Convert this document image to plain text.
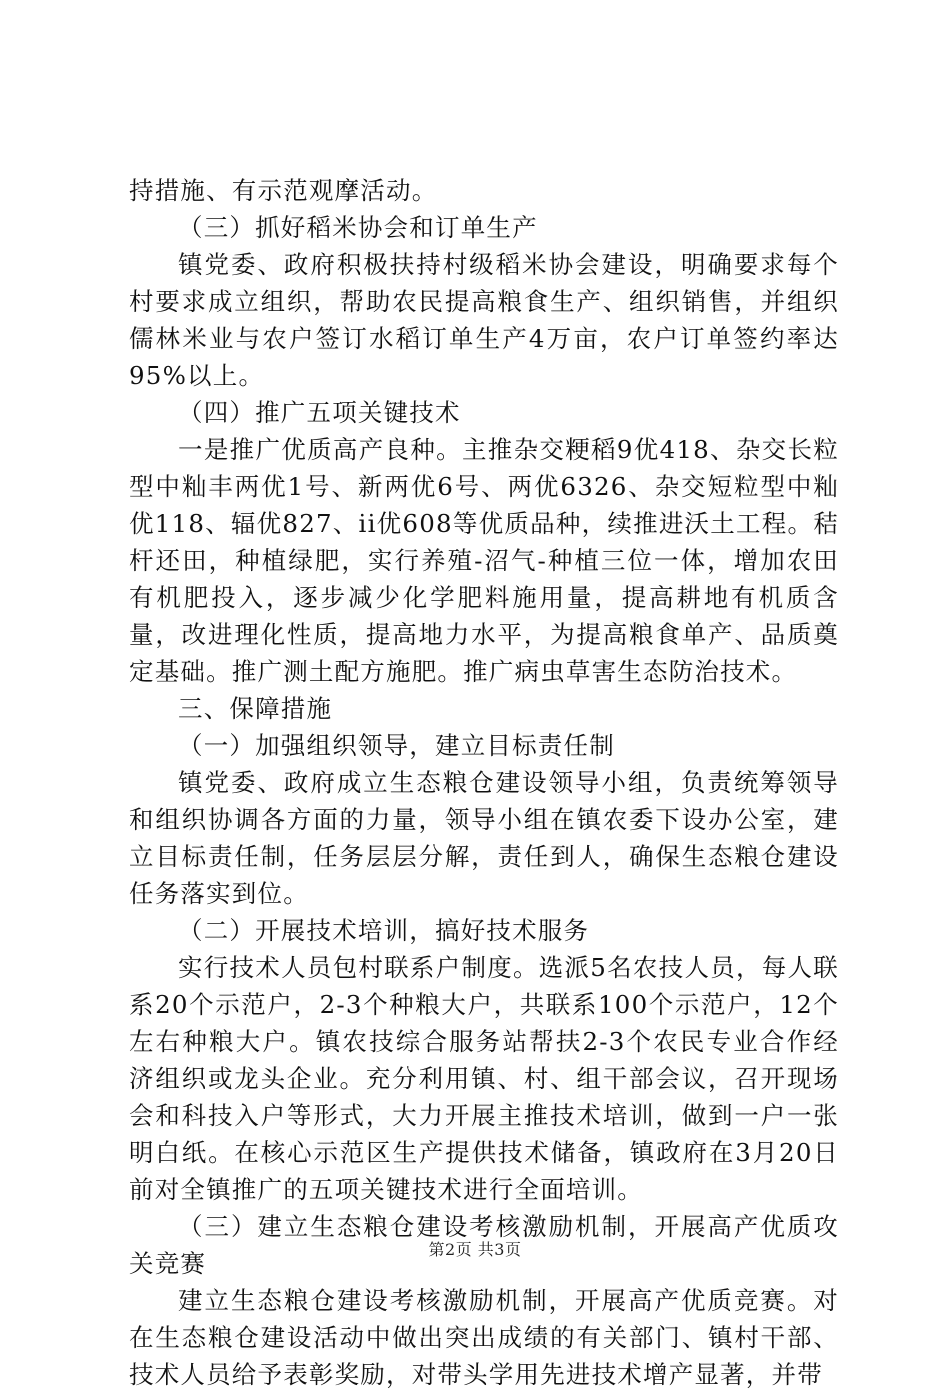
持措施、有示范观摩活动。

（三）抓好稻米协会和订单生产

镇党委、政府积极扶持村级稻米协会建设，明确要求每个村要求成立组织，帮助农民提高粮食生产、组织销售，并组织儒林米业与农户签订水稻订单生产4万亩，农户订单签约率达95%以上。

（四）推广五项关键技术

一是推广优质高产良种。主推杂交粳稻9优418、杂交长粒型中籼丰两优1号、新两优6号、两优6326、杂交短粒型中籼优118、辐优827、ii优608等优质品种，续推进沃土工程。秸杆还田，种植绿肥，实行养殖-沼气-种植三位一体，增加农田有机肥投入，逐步减少化学肥料施用量，提高耕地有机质含量，改进理化性质，提高地力水平，为提高粮食单产、品质奠定基础。推广测土配方施肥。推广病虫草害生态防治技术。

三、保障措施

（一）加强组织领导，建立目标责任制

镇党委、政府成立生态粮仓建设领导小组，负责统筹领导和组织协调各方面的力量，领导小组在镇农委下设办公室，建立目标责任制，任务层层分解，责任到人，确保生态粮仓建设任务落实到位。

（二）开展技术培训，搞好技术服务

实行技术人员包村联系户制度。选派5名农技人员，每人联系20个示范户，2-3个种粮大户，共联系100个示范户，12个左右种粮大户。镇农技综合服务站帮扶2-3个农民专业合作经济组织或龙头企业。充分利用镇、村、组干部会议，召开现场会和科技入户等形式，大力开展主推技术培训，做到一户一张明白纸。在核心示范区生产提供技术储备，镇政府在3月20日前对全镇推广的五项关键技术进行全面培训。

（三）建立生态粮仓建设考核激励机制，开展高产优质攻关竞赛

建立生态粮仓建设考核激励机制，开展高产优质竞赛。对在生态粮仓建设活动中做出突出成绩的有关部门、镇村干部、技术人员给予表彰奖励，对带头学用先进技术增产显著，并带

第2页 共3页
